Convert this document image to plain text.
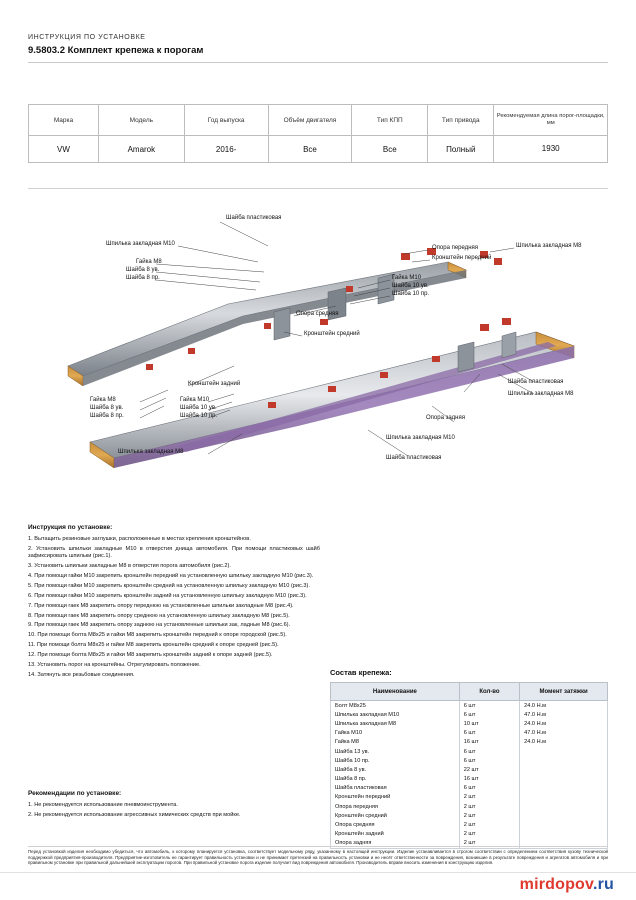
ИНСТРУКЦИЯ ПО УСТАНОВКЕ
9.5803.2 Комплект крепежа к порогам
Марка	Модель	Год выпуска	Объём двигателя	Тип КПП	Тип привода	Рекомендуемая длина порог-площадки, мм
VW	Amarok	2016-	Все	Все	Полный	1930
Шайба пластиковая
Шпилька закладная М10
Гайка М8
Шайба 8 ув.
Шайба 8 пр.
Опора передняя
Кронштейн передний
Шпилька закладная М8
Гайка М10
Шайба 10 ув.
Шайба 10 пр.
Опора средняя
Кронштейн средний
Кронштейн задний
Гайка М8
Шайба 8 ув.
Шайба 8 пр.
Гайка М10
Шайба 10 ув.
Шайба 10 пр.
Шпилька закладная М8
Шайба пластиковая
Шпилька закладная М8
Опора задняя
Шпилька закладная М10
Шайба пластиковая
Инструкция по установке:

1. Вытащить резиновые заглушки, расположенные в местах крепления кронштейнов.

2. Установить шпильки закладные М10 в отверстия днища автомобиля. При помощи пластиковых шайб зафиксировать шпильки (рис.1).

3. Установить шпильки закладные М8 в отверстия порога автомобиля (рис.2).

4. При помощи гайки М10 закрепить кронштейн передний на установленную шпильку закладную М10 (рис.3).

5. При помощи гайки М10 закрепить кронштейн средний на установленную шпильку закладную М10 (рис.3).

6. При помощи гайки М10 закрепить кронштейн задний на установленную шпильку закладную М10 (рис.3).

7. При помощи гаек М8 закрепить опору переднюю на установленные шпильки закладные М8 (рис.4).

8. При помощи гаек М8 закрепить опору среднюю на установленную шпильку закладную М8 (рис.5).

9. При помощи гаек М8 закрепить опору заднюю на установленные шпильки зак, ладные М8 (рис.6).

10. При помощи болта М8х25 и гайки М8 закрепить кронштейн передний к опоре городской (рис.5).

11. При помощи болта М8х25 и гайки М8 закрепить кронштейн средний к опоре средней (рис.5).

12. При помощи болта М8х25 и гайки М8 закрепить кронштейн задний к опоре задней (рис.5).

13. Установить порог на кронштейны. Отрегулировать положение.

14. Затянуть все резьбовые соединения.

Рекомендации по установке:

1. Не рекомендуется использование пневмоинструмента.

2. Не рекомендуется использование агрессивных химических средств при мойке.

Состав крепежа:
Наименование	Кол-во	Момент затяжки
Болт М8х25	6 шт	24.0 Н.м
Шпилька закладная М10	6 шт	47.0 Н.м
Шпилька закладная М8	10 шт	24.0 Н.м
Гайка М10	6 шт	47.0 Н.м
Гайка М8	16 шт	24.0 Н.м
Шайба 13 ув.	6 шт	
Шайба 10 пр.	6 шт	
Шайба 8 ув.	22 шт	
Шайба 8 пр.	16 шт	
Шайба пластиковая	6 шт	
Кронштейн передний	2 шт	
Опора передняя	2 шт	
Кронштейн средний	2 шт	
Опора средняя	2 шт	
Кронштейн задний	2 шт	
Опора задняя	2 шт	
Перед установкой изделия необходимо убедиться, что автомобиль, к которому планируется установка, соответствует модельному ряду, указанному в настоящей инструкции. Изделие устанавливается в строгом соответствии с определением соответствия кузову технической поддержкой предприятия-производителя. Предприятие-изготовитель не гарантирует правильность установки и не принимает претензий на правильность установки и не несёт ответственности за повреждения, возникшие в результате повреждения и агрегатов автомобиля и при правильном установке при правильной дальнейшей эксплуатации порогов. При правильной установке порога изделие получает вид повреждения автомобиля. Производитель вправе вносить изменения в конструкцию изделия.
mirdopov.ru
